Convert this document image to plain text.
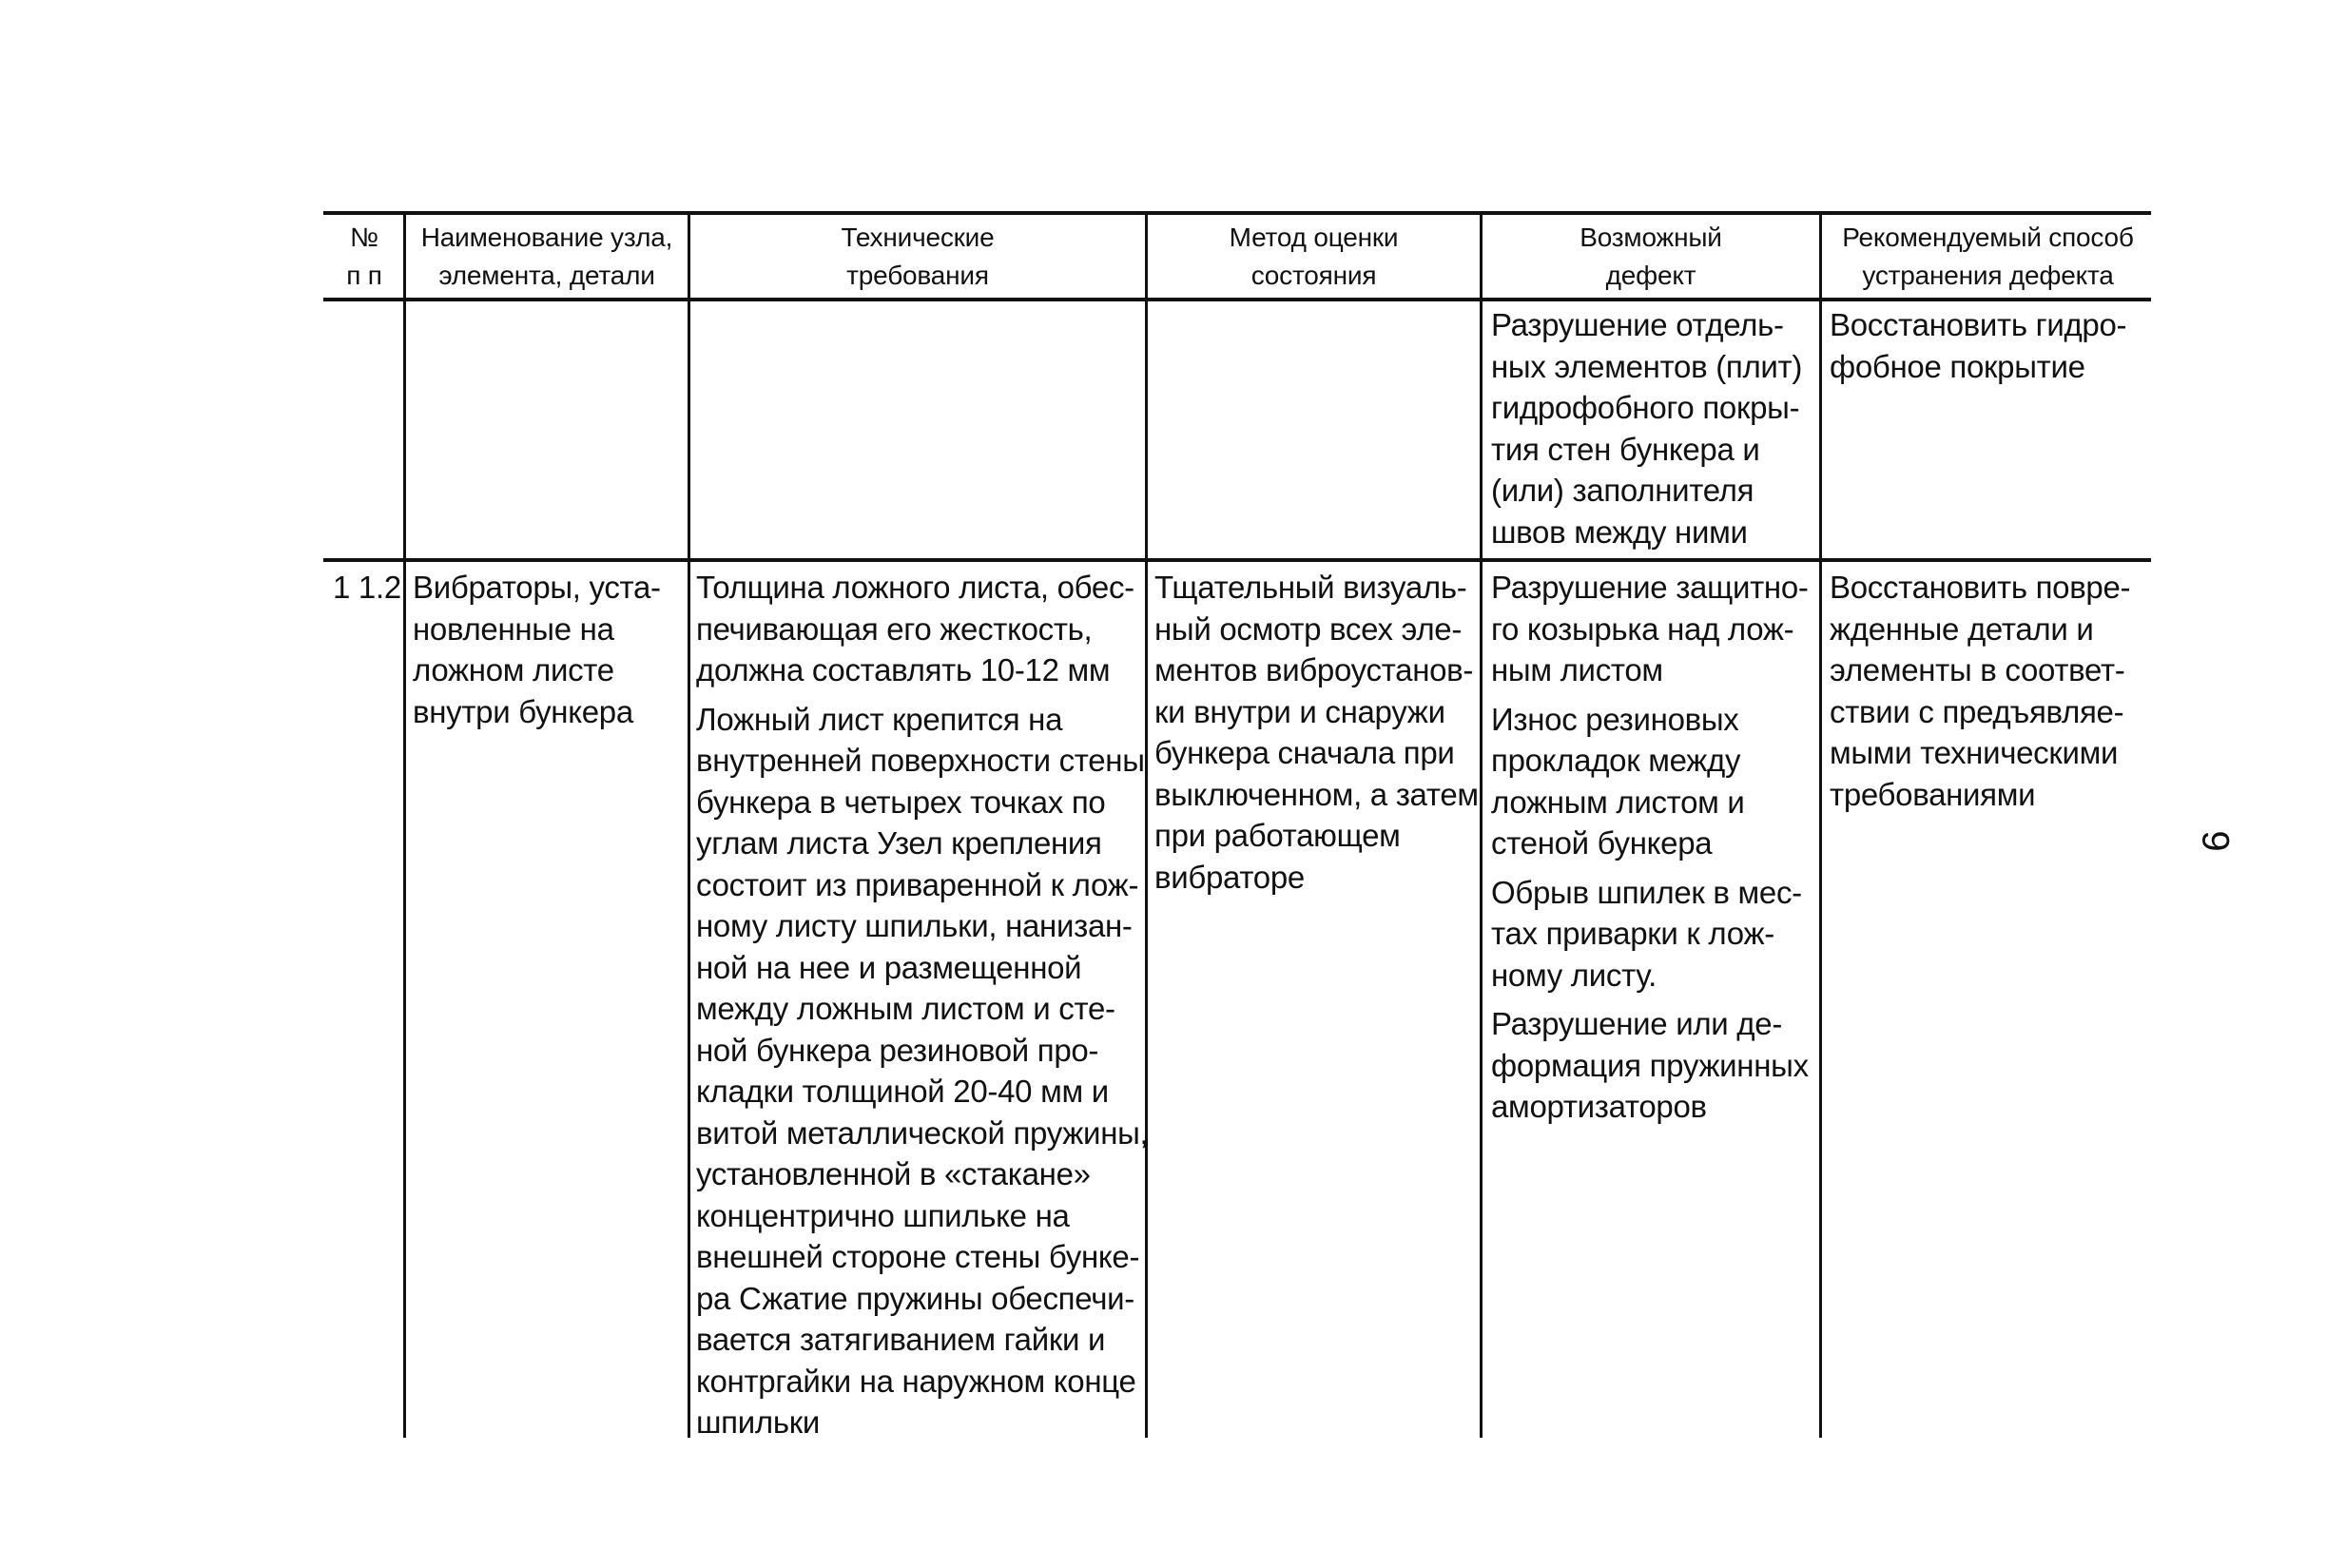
№
п п
Наименование узла,
элемента, детали
Технические
требования
Метод оценки
состояния
Возможный
дефект
Рекомендуемый способ
устранения дефекта
Разрушение отдель-
ных элементов (плит)
гидрофобного покры-
тия стен бункера и
(или) заполнителя
швов между ними
Восстановить гидро-
фобное покрытие
1 1.2 Вибраторы, уста-
новленные на
ложном листе
внутри бункера
Толщина ложного листа, обес-
печивающая его жесткость,
должна составлять 10-12 мм
Ложный лист крепится на
внутренней поверхности стены
бункера в четырех точках по
углам листа Узел крепления
состоит из приваренной к лож-
ному листу шпильки, нанизан-
ной на нее и размещенной
между ложным листом и сте-
ной бункера резиновой про-
кладки толщиной 20-40 мм и
витой металлической пружины,
установленной в «стакане»
концентрично шпильке на
внешней стороне стены бунке-
ра Сжатие пружины обеспечи-
вается затягиванием гайки и
контргайки на наружном конце
шпильки
Тщательный визуаль-
ный осмотр всех эле-
ментов виброустанов-
ки внутри и снаружи
бункера сначала при
выключенном, а затем
при работающем
вибраторе
Разрушение защитно-
го козырька над лож-
ным листом
Износ резиновых
прокладок между
ложным листом и
стеной бункера
Обрыв шпилек в мес-
тах приварки к лож-
ному листу.
Разрушение или де-
формация пружинных
амортизаторов
Восстановить повре-
жденные детали и
элементы в соответ-
ствии с предъявляе-
мыми техническими
требованиями
9
